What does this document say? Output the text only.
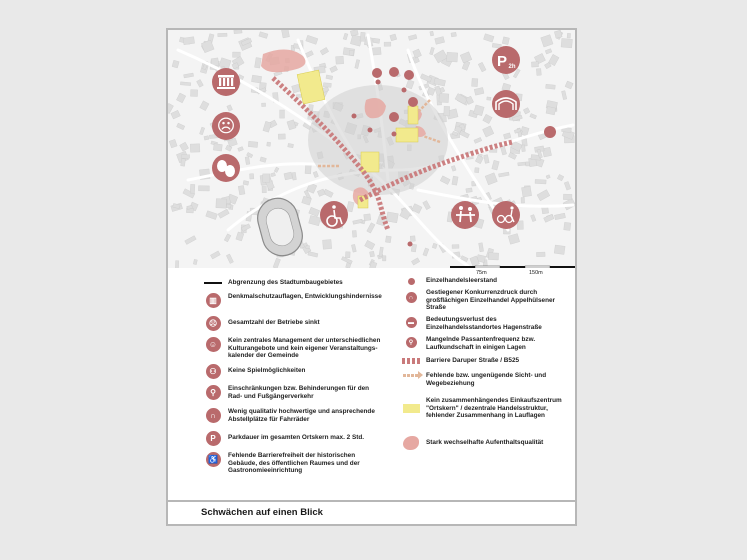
☹
P 2h
75m	150m
Abgrenzung des Stadtumbaugebietes
▥	Denkmalschutzauflagen, Entwicklungshindernisse
☹	Gesamtzahl der Betriebe sinkt
☺	Kein zentrales Management der unterschiedlichen Kulturangebote und kein eigener Veranstaltungs-kalender der Gemeinde
⚇	Keine Spielmöglichkeiten
⚲	Einschränkungen bzw. Behinderungen für den Rad- und Fußgängerverkehr
∩	Wenig qualitativ hochwertige und ansprechende Abstellplätze für Fahrräder
P	Parkdauer im gesamten Ortskern max. 2 Std.
♿	Fehlende Barrierefreiheit der historischen Gebäude, des öffentlichen Raumes und der Gastronomieeinrichtung
Einzelhandelsleerstand
∩
Gestiegener Konkurrenzdruck durch großflächigen Einzelhandel Appelhülsener Straße
▬	Bedeutungsverlust des Einzelhandelsstandortes Hagenstraße
⚲	Mangelnde Passantenfrequenz bzw. Laufkundschaft in einigen Lagen
Barriere Daruper Straße / B525
Fehlende bzw. ungenügende Sicht- und Wegebeziehung
Kein zusammenhängendes Einkaufszentrum "Ortskern" / dezentrale Handelsstruktur, fehlender Zusammenhang in Lauflagen
Stark wechselhafte Aufenthaltsqualität
Schwächen auf einen Blick
